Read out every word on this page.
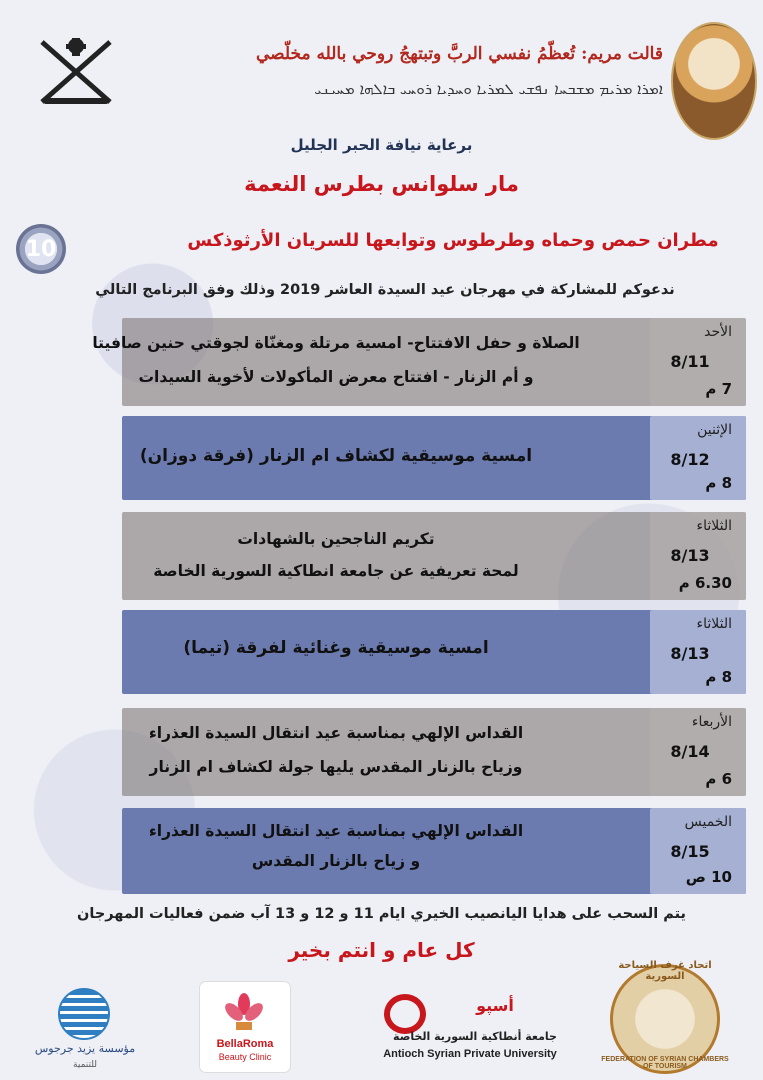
قالت مريم: تُعظّمُ نفسي الربَّ وتبتهجُ روحي بالله مخلّصي
ܐܡܪܐ ܡܪܝܡ ܡܫܒܚܐ ܢܦܫܝ ܠܡܪܝܐ ܘܚܕܝܐ ܪܘܚܝ ܒܐܠܗܐ ܡܚܝܢܝ
برعاية نيافة الحبر الجليل
مار سلوانس بطرس النعمة
مطران حمص وحماه وطرطوس وتوابعها للسريان الأرثوذكس
10
ندعوكم للمشاركة في مهرجان عيد السيدة العاشر 2019 وذلك وفق البرنامج التالي
الصلاة و حفل الافتتاح- امسية مرتلة ومغنّاة لجوقتي حنين صافيتا
و أم الزنار - افتتاح معرض المأكولات لأخوية السيدات
الأحد
8/11
7 م
امسية موسيقية لكشاف ام الزنار (فرقة دوزان)
الإثنين
8/12
8 م
تكريم الناجحين بالشهادات
لمحة تعريفية عن جامعة انطاكية السورية الخاصة
الثلاثاء
8/13
6.30 م
امسية موسيقية وغنائية لفرقة (تيما)
الثلاثاء
8/13
8 م
القداس الإلهي بمناسبة عيد انتقال السيدة العذراء
وزياح بالزنار المقدس يليها جولة لكشاف ام الزنار
الأربعاء
8/14
6 م
القداس الإلهي بمناسبة عيد انتقال السيدة العذراء
و زياح بالزنار المقدس
الخميس
8/15
10 ص
يتم السحب على هدايا اليانصيب الخيري ايام 11 و 12 و 13 آب ضمن فعاليات المهرجان
كل عام و انتم بخير
مؤسسة يزيد جرجوس
للتنمية
BellaRoma
Beauty Clinic
أسپو
جامعة أنطاكية السورية الخاصة
Antioch Syrian Private University
اتحاد غرف السياحة السورية
FEDERATION OF SYRIAN CHAMBERS OF TOURISM
